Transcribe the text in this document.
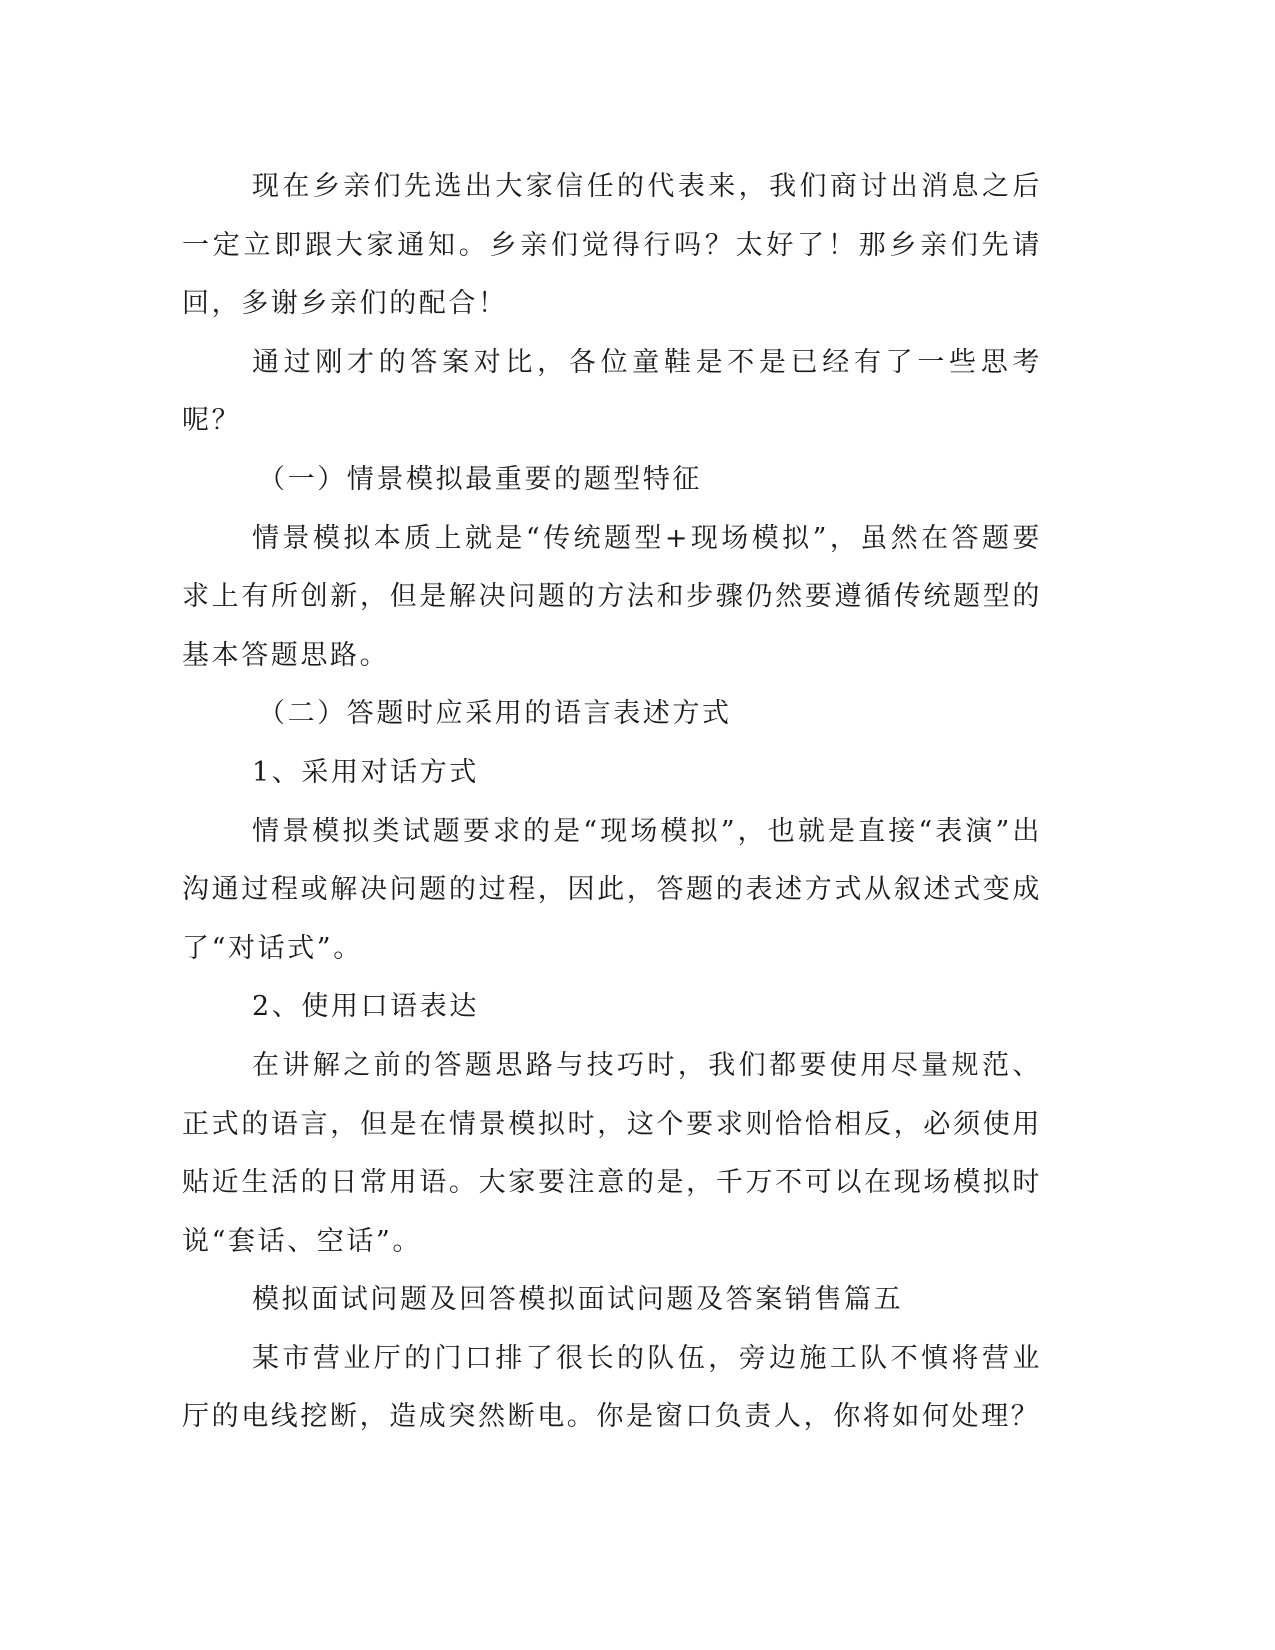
现在乡亲们先选出大家信任的代表来，我们商讨出消息之后一定立即跟大家通知。乡亲们觉得行吗？太好了！那乡亲们先请回，多谢乡亲们的配合！

通过刚才的答案对比，各位童鞋是不是已经有了一些思考呢？

（一）情景模拟最重要的题型特征

情景模拟本质上就是“传统题型+现场模拟”，虽然在答题要求上有所创新，但是解决问题的方法和步骤仍然要遵循传统题型的基本答题思路。

（二）答题时应采用的语言表述方式

1、采用对话方式

情景模拟类试题要求的是“现场模拟”，也就是直接“表演”出沟通过程或解决问题的过程，因此，答题的表述方式从叙述式变成了“对话式”。

2、使用口语表达

在讲解之前的答题思路与技巧时，我们都要使用尽量规范、正式的语言，但是在情景模拟时，这个要求则恰恰相反，必须使用贴近生活的日常用语。大家要注意的是，千万不可以在现场模拟时说“套话、空话”。

模拟面试问题及回答模拟面试问题及答案销售篇五

某市营业厅的门口排了很长的队伍，旁边施工队不慎将营业厅的电线挖断，造成突然断电。你是窗口负责人，你将如何处理？
